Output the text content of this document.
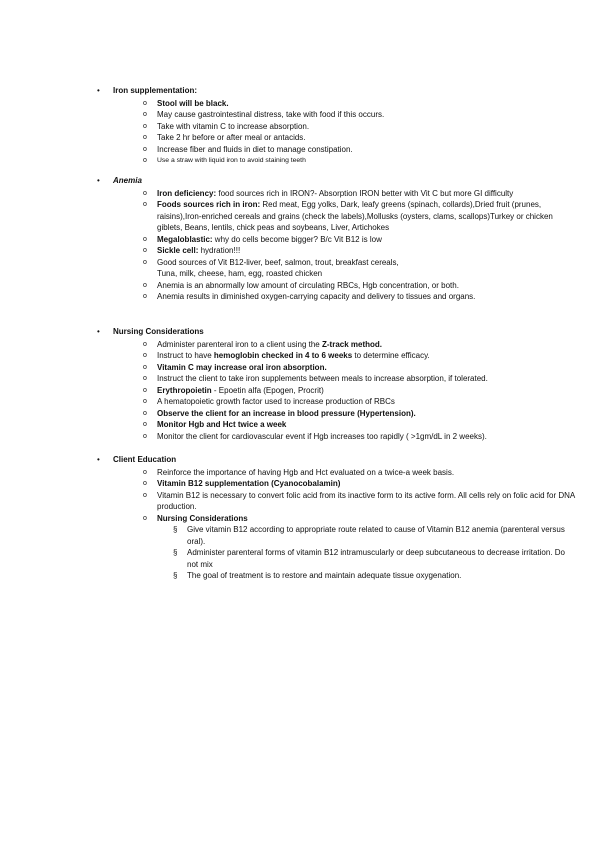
• Iron supplementation:
o Stool will be black.
o May cause gastrointestinal distress, take with food if this occurs.
o Take with vitamin C to increase absorption.
o Take 2 hr before or after meal or antacids.
o Increase fiber and fluids in diet to manage constipation.
o Use a straw with liquid iron to avoid staining teeth
• Anemia
o Iron deficiency: food sources rich in IRON?- Absorption IRON better with Vit C but more GI difficulty
o Foods sources rich in iron: Red meat, Egg yolks, Dark, leafy greens (spinach, collards),Dried fruit (prunes, raisins),Iron-enriched cereals and grains (check the labels),Mollusks (oysters, clams, scallops)Turkey or chicken giblets, Beans, lentils, chick peas and soybeans, Liver, Artichokes
o Megaloblastic: why do cells become bigger? B/c Vit B12 is low
o Sickle cell: hydration!!!
o Good sources of Vit B12-liver, beef, salmon, trout, breakfast cereals,
Tuna, milk, cheese, ham, egg, roasted chicken
o Anemia is an abnormally low amount of circulating RBCs, Hgb concentration, or both.
o Anemia results in diminished oxygen-carrying capacity and delivery to tissues and organs.
• Nursing Considerations
o Administer parenteral iron to a client using the Z-track method.
o Instruct to have hemoglobin checked in 4 to 6 weeks to determine efficacy.
o Vitamin C may increase oral iron absorption.
o Instruct the client to take iron supplements between meals to increase absorption, if tolerated.
o Erythropoietin - Epoetin alfa (Epogen, Procrit)
o A hematopoietic growth factor used to increase production of RBCs
o Observe the client for an increase in blood pressure (Hypertension).
o Monitor Hgb and Hct twice a week
o Monitor the client for cardiovascular event if Hgb increases too rapidly ( >1gm/dL in 2 weeks).
• Client Education
o Reinforce the importance of having Hgb and Hct evaluated on a twice-a week basis.
o Vitamin B12 supplementation (Cyanocobalamin)
o Vitamin B12 is necessary to convert folic acid from its inactive form to its active form. All cells rely on folic acid for DNA production.
o Nursing Considerations
§ Give vitamin B12 according to appropriate route related to cause of Vitamin B12 anemia (parenteral versus oral).
§ Administer parenteral forms of vitamin B12 intramuscularly or deep subcutaneous to decrease irritation. Do not mix
§ The goal of treatment is to restore and maintain adequate tissue oxygenation.
